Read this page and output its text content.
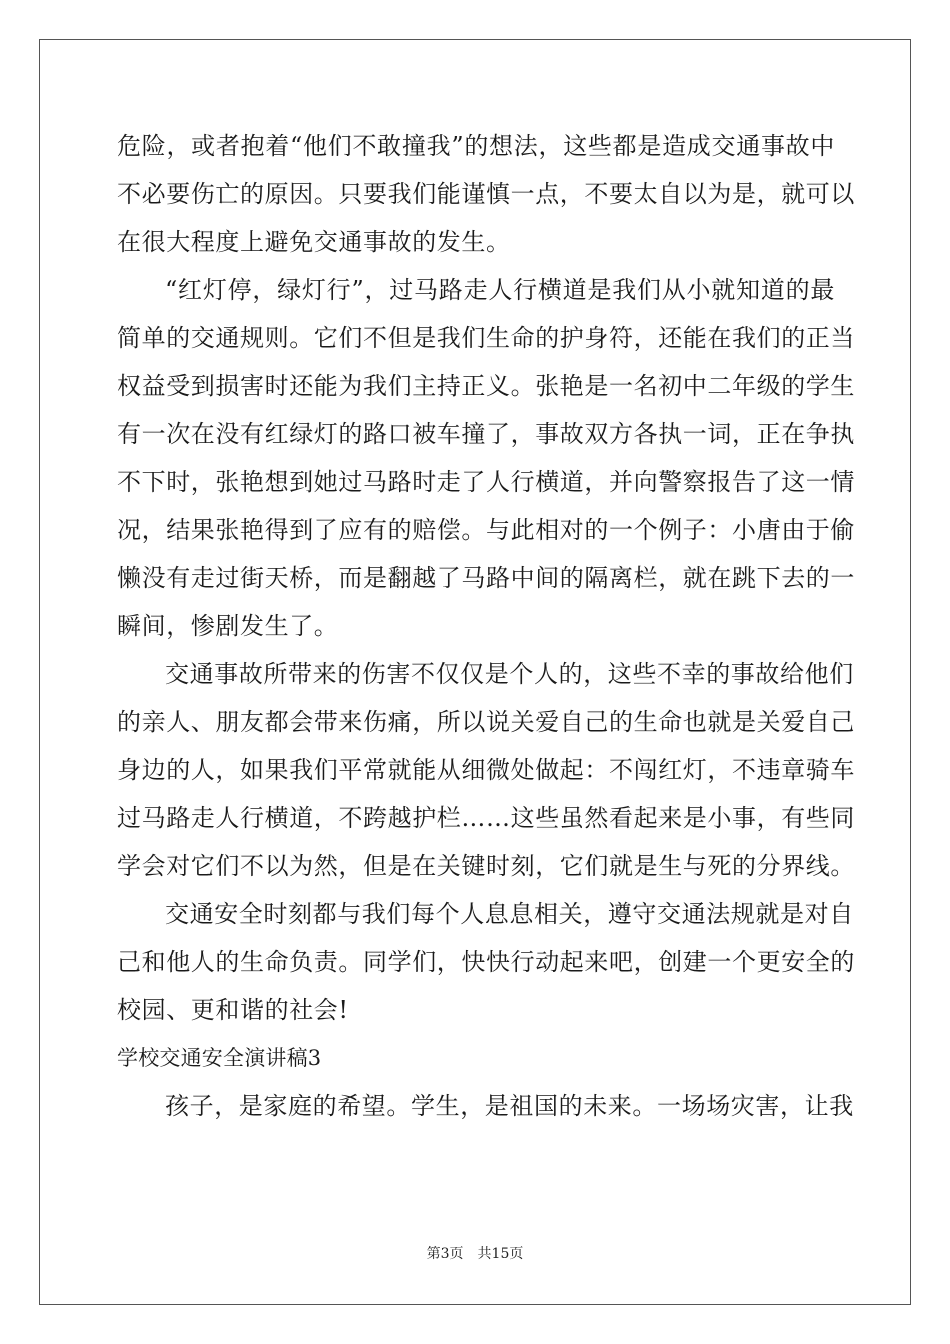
危险，或者抱着“他们不敢撞我”的想法，这些都是造成交通事故中
不必要伤亡的原因。只要我们能谨慎一点，不要太自以为是，就可以
在很大程度上避免交通事故的发生。
“红灯停，绿灯行”，过马路走人行横道是我们从小就知道的最
简单的交通规则。它们不但是我们生命的护身符，还能在我们的正当
权益受到损害时还能为我们主持正义。张艳是一名初中二年级的学生
有一次在没有红绿灯的路口被车撞了，事故双方各执一词，正在争执
不下时，张艳想到她过马路时走了人行横道，并向警察报告了这一情
况，结果张艳得到了应有的赔偿。与此相对的一个例子：小唐由于偷
懒没有走过街天桥，而是翻越了马路中间的隔离栏，就在跳下去的一
瞬间，惨剧发生了。
交通事故所带来的伤害不仅仅是个人的，这些不幸的事故给他们
的亲人、朋友都会带来伤痛，所以说关爱自己的生命也就是关爱自己
身边的人，如果我们平常就能从细微处做起：不闯红灯，不违章骑车
过马路走人行横道，不跨越护栏……这些虽然看起来是小事，有些同
学会对它们不以为然，但是在关键时刻，它们就是生与死的分界线。
交通安全时刻都与我们每个人息息相关，遵守交通法规就是对自
己和他人的生命负责。同学们，快快行动起来吧，创建一个更安全的
校园、更和谐的社会!
学校交通安全演讲稿3
孩子，是家庭的希望。学生，是祖国的未来。一场场灾害，让我
第3页 共15页
